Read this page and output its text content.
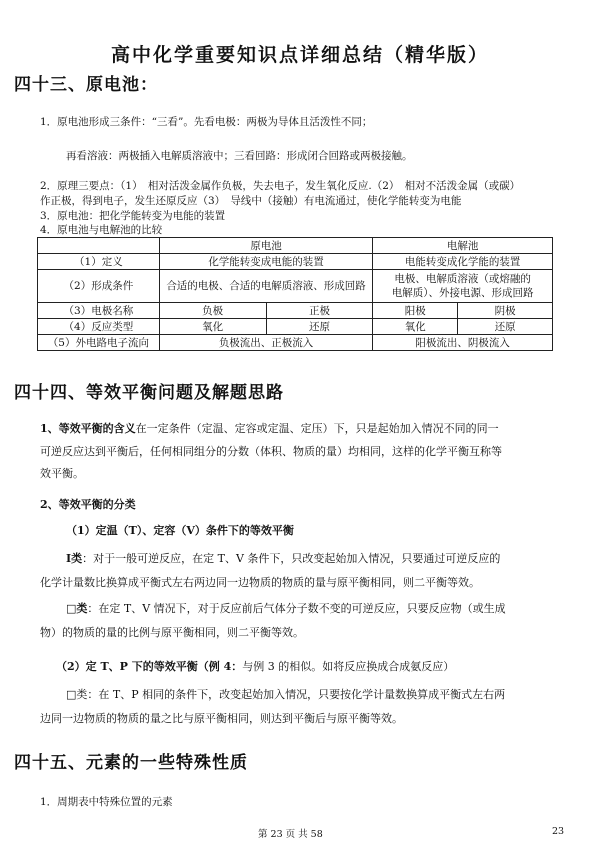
高中化学重要知识点详细总结（精华版）
四十三、原电池：
1．原电池形成三条件：“三看”。先看电极：两极为导体且活泼性不同；
再看溶液：两极插入电解质溶液中；三看回路：形成闭合回路或两极接触。
2．原理三要点：（1）　相对活泼金属作负极，失去电子，发生氧化反应.（2）　相对不活泼金属（或碳）
作正极，得到电子，发生还原反应（3）　导线中（接触）有电流通过，使化学能转变为电能
3．原电池：把化学能转变为电能的装置
4．原电池与电解池的比较
	原电池		电解池	
（1）定义	化学能转变成电能的装置		电能转变成化学能的装置	
（2）形成条件	合适的电极、合适的电解质溶液、形成回路		电极、电解质溶液（或熔融的
电解质）、外接电源、形成回路	

（3）电极名称	负极	正极	阳极	阴极
（4）反应类型	氧化	还原	氧化	还原
（5）外电路电子流向	负极流出、正极流入		阳极流出、阴极流入	
四十四、等效平衡问题及解题思路
1、等效平衡的含义在一定条件（定温、定容或定温、定压）下，只是起始加入情况不同的同一
可逆反应达到平衡后，任何相同组分的分数（体积、物质的量）均相同，这样的化学平衡互称等
效平衡。
2、等效平衡的分类
（1）定温（T）、定容（V）条件下的等效平衡
Ⅰ类：对于一般可逆反应，在定 T、V 条件下，只改变起始加入情况，只要通过可逆反应的
化学计量数比换算成平衡式左右两边同一边物质的物质的量与原平衡相同，则二平衡等效。
□类：在定 T、V 情况下，对于反应前后气体分子数不变的可逆反应，只要反应物（或生成
物）的物质的量的比例与原平衡相同，则二平衡等效。
（2）定 T、P 下的等效平衡（例 4：与例 3 的相似。如将反应换成合成氨反应）
□类：在 T、P 相同的条件下，改变起始加入情况，只要按化学计量数换算成平衡式左右两
边同一边物质的物质的量之比与原平衡相同，则达到平衡后与原平衡等效。
四十五、元素的一些特殊性质
1．周期表中特殊位置的元素
第 23 页 共 58	23
